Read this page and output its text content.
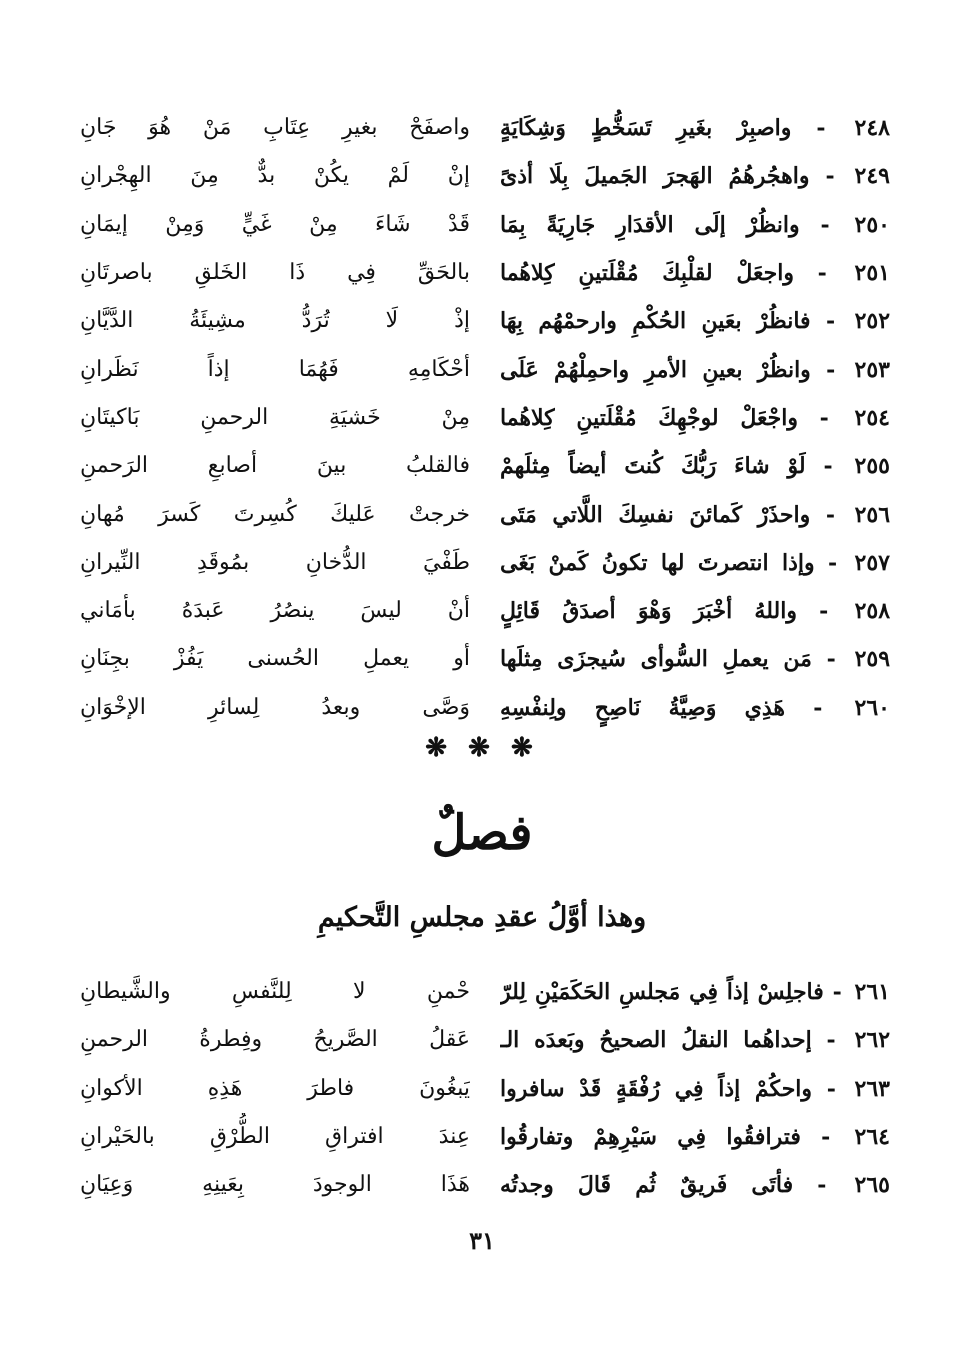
٢٤٨ - واصبِرْ بغَيرِ تَسَخُّطٍ وَشِكَايَةٍ
واصفَحْ بغيرِ عِتَابِ مَنْ هُوَ جَانِ
٢٤٩ - واهجُرهُمُ الهَجرَ الجَميلَ بِلَا أذىً
إنْ لَمْ يكُنْ بدٌّ مِنَ الهِجْرانِ
٢٥٠ - وانظُرْ إلَى الأقدَارِ جَارِيَةً بِمَا
قَدْ شَاءَ مِنْ غَيٍّ وَمِنْ إيمَانِ
٢٥١ - واجعَلْ لقلْبِكَ مُقْلَتينِ كِلاهُما
بالحَقِّ فِي ذَا الخَلقِ باصرتَانِ
٢٥٢ - فانظُرْ بعَينِ الحُكْمِ وارحمْهُم بِهَا
إذْ لَا تُرَدُّ مشِيئَةُ الدَّيَّانِ
٢٥٣ - وانظُرْ بعينِ الأمرِ واحمِلْهُمْ عَلَى
أحْكَامِهِ فَهُمَا إذاً نَظَرانِ
٢٥٤ - واجْعَلْ لوجْهِكَ مُقْلَتينِ كِلاهُما
مِنْ خَشيَةِ الرحمنِ بَاكيتَانِ
٢٥٥ - لَوْ شاءَ رَبُّكَ كُنتَ أيضاً مِثلَهمْ
فالقلبُ بينَ أصابعِ الرَحمنِ
٢٥٦ - واحذَرْ كَمائنَ نفسِكَ اللَّاتي مَتَى
خرجتْ عَليكَ كُسِرتَ كَسرَ مُهانِ
٢٥٧ - وإذا انتصرتَ لها تكونُ كَمنْ بَغَى
طَفْيَ الدُّخانِ بمُوقَدِ النِّيرانِ
٢٥٨ - واللهُ أخْبَرَ وَهْوَ أصدَقُ قَائِلٍ
أنْ ليسَ ينصُرُ عَبدَهُ بأمَاني
٢٥٩ - مَن يعملِ السُّوأى سُيجزَى مِثلَها
أو يعملِ الحُسنى يَفُزْ بجِنَانِ
٢٦٠ - هَذِي وَصِيَّةُ نَاصِحٍ ولِنفْسِهِ
وَصَّى وبعدُ لِسائرِ الإخْوَانِ
❋ ❋ ❋
فصلٌ
وهذا أوَّلُ عقدِ مجلسِ التَّحكيمِ
٢٦١ - فاجلِسْ إذاً فِي مَجلسِ الحَكَمَيْنِ لِلرّ
حْمنِ لا لِلنَّفسِ والشَّيطانِ
٢٦٢ - إحداهُما النقلُ الصحيحُ وبَعدَه الـ
عَقلُ الصَّريحُ وفِطرةُ الرحمنِ
٢٦٣ - واحكُمْ إذاً فِي رُفْقَةٍ قَدْ سافروا
يَبغُونَ فاطرَ هَذِهِ الأكوانِ
٢٦٤ - فترافقُوا فِي سَيْرِهِمْ وتفارقُوا
عِندَ افتراقِ الطُّرْقِ بالحَيْرانِ
٢٦٥ - فأتَى فَريقٌ ثُم قَالَ وجدتُه
هَذَا الوجودَ بِعَينِهِ وَعِيَانِ
٣١
